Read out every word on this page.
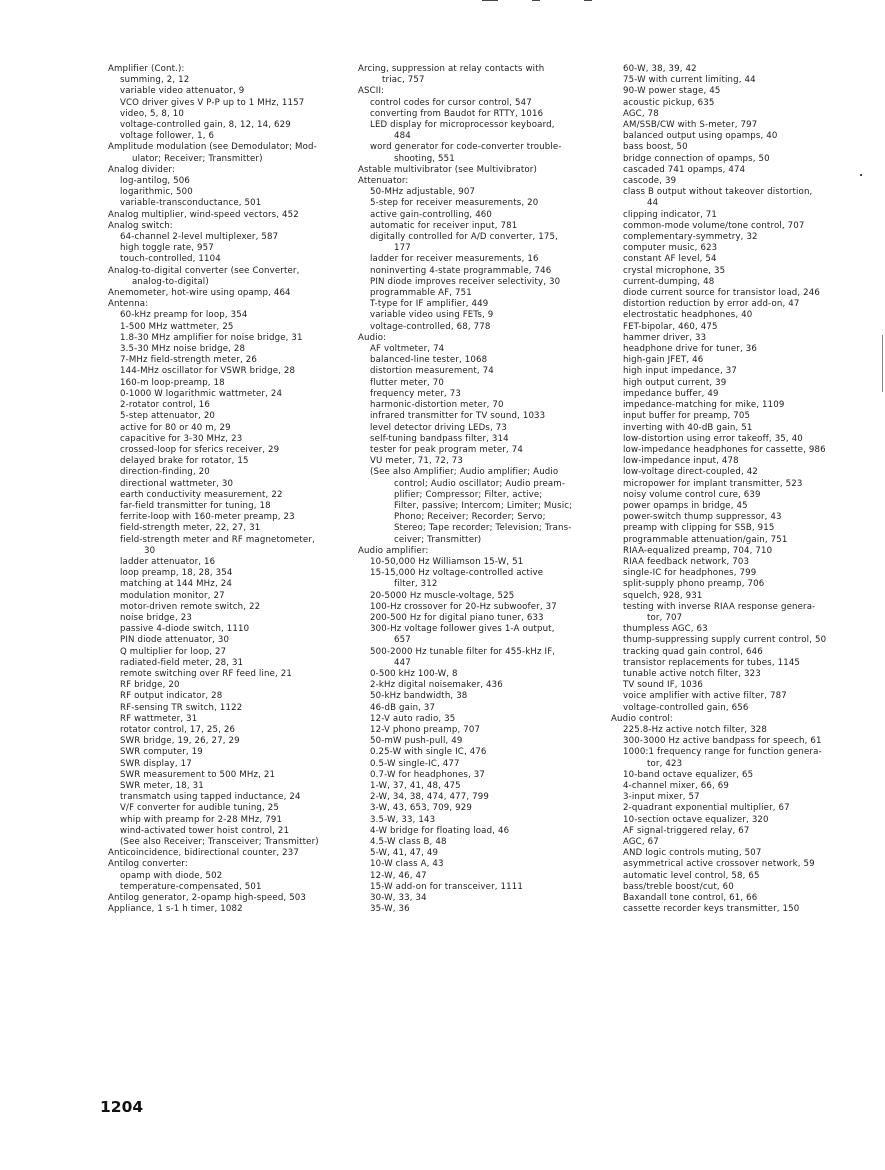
Amplifier (Cont.):
summing, 2, 12
variable video attenuator, 9
VCO driver gives V P-P up to 1 MHz, 1157
video, 5, 8, 10
voltage-controlled gain, 8, 12, 14, 629
voltage follower, 1, 6
Amplitude modulation (see Demodulator; Mod-
ulator; Receiver; Transmitter)
Analog divider:
log-antilog, 506
logarithmic, 500
variable-transconductance, 501
Analog multiplier, wind-speed vectors, 452
Analog switch:
64-channel 2-level multiplexer, 587
high toggle rate, 957
touch-controlled, 1104
Analog-to-digital converter (see Converter,
analog-to-digital)
Anemometer, hot-wire using opamp, 464
Antenna:
60-kHz preamp for loop, 354
1-500 MHz wattmeter, 25
1.8-30 MHz amplifier for noise bridge, 31
3.5-30 MHz noise bridge, 28
7-MHz field-strength meter, 26
144-MHz oscillator for VSWR bridge, 28
160-m loop-preamp, 18
0-1000 W logarithmic wattmeter, 24
2-rotator control, 16
5-step attenuator, 20
active for 80 or 40 m, 29
capacitive for 3-30 MHz, 23
crossed-loop for sferics receiver, 29
delayed brake for rotator, 15
direction-finding, 20
directional wattmeter, 30
earth conductivity measurement, 22
far-field transmitter for tuning, 18
ferrite-loop with 160-meter preamp, 23
field-strength meter, 22, 27, 31
field-strength meter and RF magnetometer,
30
ladder attenuator, 16
loop preamp, 18, 28, 354
matching at 144 MHz, 24
modulation monitor, 27
motor-driven remote switch, 22
noise bridge, 23
passive 4-diode switch, 1110
PIN diode attenuator, 30
Q multiplier for loop, 27
radiated-field meter, 28, 31
remote switching over RF feed line, 21
RF bridge, 20
RF output indicator, 28
RF-sensing TR switch, 1122
RF wattmeter, 31
rotator control, 17, 25, 26
SWR bridge, 19, 26, 27, 29
SWR computer, 19
SWR display, 17
SWR measurement to 500 MHz, 21
SWR meter, 18, 31
transmatch using tapped inductance, 24
V/F converter for audible tuning, 25
whip with preamp for 2-28 MHz, 791
wind-activated tower hoist control, 21
(See also Receiver; Transceiver; Transmitter)
Anticoincidence, bidirectional counter, 237
Antilog converter:
opamp with diode, 502
temperature-compensated, 501
Antilog generator, 2-opamp high-speed, 503
Appliance, 1 s-1 h timer, 1082
Arcing, suppression at relay contacts with
triac, 757
ASCII:
control codes for cursor control, 547
converting from Baudot for RTTY, 1016
LED display for microprocessor keyboard,
484
word generator for code-converter trouble-
shooting, 551
Astable multivibrator (see Multivibrator)
Attenuator:
50-MHz adjustable, 907
5-step for receiver measurements, 20
active gain-controlling, 460
automatic for receiver input, 781
digitally controlled for A/D converter, 175,
177
ladder for receiver measurements, 16
noninverting 4-state programmable, 746
PIN diode improves receiver selectivity, 30
programmable AF, 751
T-type for IF amplifier, 449
variable video using FETs, 9
voltage-controlled, 68, 778
Audio:
AF voltmeter, 74
balanced-line tester, 1068
distortion measurement, 74
flutter meter, 70
frequency meter, 73
harmonic-distortion meter, 70
infrared transmitter for TV sound, 1033
level detector driving LEDs, 73
self-tuning bandpass filter, 314
tester for peak program meter, 74
VU meter, 71, 72, 73
(See also Amplifier; Audio amplifier; Audio
control; Audio oscillator; Audio pream-
plifier; Compressor; Filter, active;
Filter, passive; Intercom; Limiter; Music;
Phono; Receiver; Recorder; Servo;
Stereo; Tape recorder; Television; Trans-
ceiver; Transmitter)
Audio amplifier:
10-50,000 Hz Williamson 15-W, 51
15-15,000 Hz voltage-controlled active
filter, 312
20-5000 Hz muscle-voltage, 525
100-Hz crossover for 20-Hz subwoofer, 37
200-500 Hz for digital piano tuner, 633
300-Hz voltage follower gives 1-A output,
657
500-2000 Hz tunable filter for 455-kHz IF,
447
0-500 kHz 100-W, 8
2-kHz digital noisemaker, 436
50-kHz bandwidth, 38
46-dB gain, 37
12-V auto radio, 35
12-V phono preamp, 707
50-mW push-pull, 49
0.25-W with single IC, 476
0.5-W single-IC, 477
0.7-W for headphones, 37
1-W, 37, 41, 48, 475
2-W, 34, 38, 474, 477, 799
3-W, 43, 653, 709, 929
3.5-W, 33, 143
4-W bridge for floating load, 46
4.5-W class B, 48
5-W, 41, 47, 49
10-W class A, 43
12-W, 46, 47
15-W add-on for transceiver, 1111
30-W, 33, 34
35-W, 36
60-W, 38, 39, 42
75-W with current limiting, 44
90-W power stage, 45
acoustic pickup, 635
AGC, 78
AM/SSB/CW with S-meter, 797
balanced output using opamps, 40
bass boost, 50
bridge connection of opamps, 50
cascaded 741 opamps, 474
cascode, 39
class B output without takeover distortion,
44
clipping indicator, 71
common-mode volume/tone control, 707
complementary-symmetry, 32
computer music, 623
constant AF level, 54
crystal microphone, 35
current-dumping, 48
diode current source for transistor load, 246
distortion reduction by error add-on, 47
electrostatic headphones, 40
FET-bipolar, 460, 475
hammer driver, 33
headphone drive for tuner, 36
high-gain JFET, 46
high input impedance, 37
high output current, 39
impedance buffer, 49
impedance-matching for mike, 1109
input buffer for preamp, 705
inverting with 40-dB gain, 51
low-distortion using error takeoff, 35, 40
low-impedance headphones for cassette, 986
low-impedance input, 478
low-voltage direct-coupled, 42
micropower for implant transmitter, 523
noisy volume control cure, 639
power opamps in bridge, 45
power-switch thump suppressor, 43
preamp with clipping for SSB, 915
programmable attenuation/gain, 751
RIAA-equalized preamp, 704, 710
RIAA feedback network, 703
single-IC for headphones, 799
split-supply phono preamp, 706
squelch, 928, 931
testing with inverse RIAA response genera-
tor, 707
thumpless AGC, 63
thump-suppressing supply current control, 50
tracking quad gain control, 646
transistor replacements for tubes, 1145
tunable active notch filter, 323
TV sound IF, 1036
voice amplifier with active filter, 787
voltage-controlled gain, 656
Audio control:
225.8-Hz active notch filter, 328
300-3000 Hz active bandpass for speech, 61
1000:1 frequency range for function genera-
tor, 423
10-band octave equalizer, 65
4-channel mixer, 66, 69
3-input mixer, 57
2-quadrant exponential multiplier, 67
10-section octave equalizer, 320
AF signal-triggered relay, 67
AGC, 67
AND logic controls muting, 507
asymmetrical active crossover network, 59
automatic level control, 58, 65
bass/treble boost/cut, 60
Baxandall tone control, 61, 66
cassette recorder keys transmitter, 150
1204
